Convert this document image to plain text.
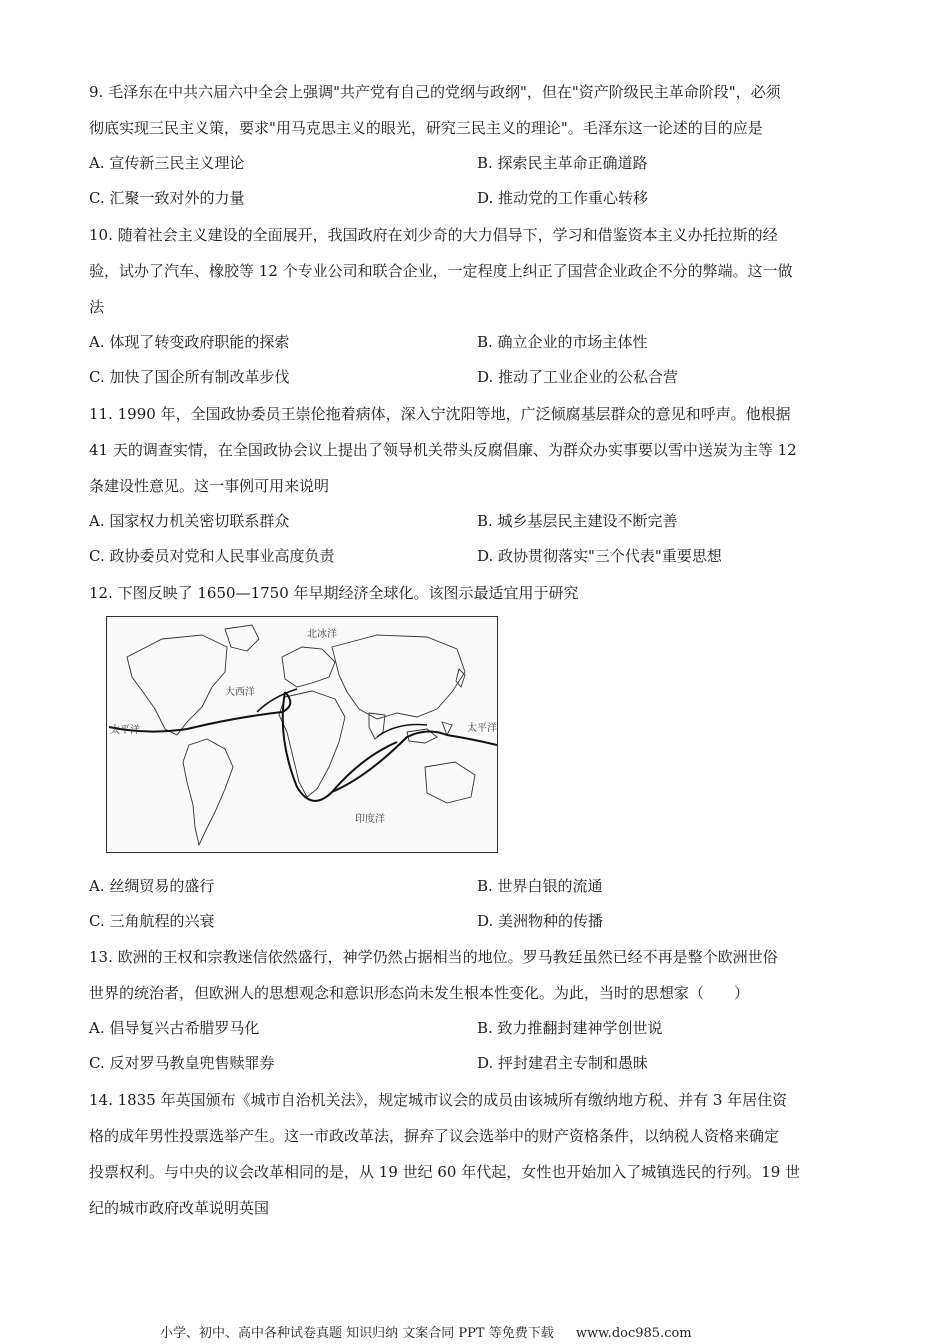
9. 毛泽东在中共六届六中全会上强调"共产党有自己的党纲与政纲"，但在"资产阶级民主革命阶段"，必须
彻底实现三民主义策，要求"用马克思主义的眼光，研究三民主义的理论"。毛泽东这一论述的目的应是
A. 宣传新三民主义理论	B. 探索民主革命正确道路
C. 汇聚一致对外的力量	D. 推动党的工作重心转移
10. 随着社会主义建设的全面展开，我国政府在刘少奇的大力倡导下，学习和借鉴资本主义办托拉斯的经
验，试办了汽车、橡胶等 12 个专业公司和联合企业，一定程度上纠正了国营企业政企不分的弊端。这一做
法
A. 体现了转变政府职能的探索	B. 确立企业的市场主体性
C. 加快了国企所有制改革步伐	D. 推动了工业企业的公私合营
11. 1990 年，全国政协委员王崇伦拖着病体，深入宁沈阳等地，广泛倾腐基层群众的意见和呼声。他根据
41 天的调查实情，在全国政协会议上提出了领导机关带头反腐倡廉、为群众办实事要以雪中送炭为主等 12
条建设性意见。这一事例可用来说明
A. 国家权力机关密切联系群众	B. 城乡基层民主建设不断完善
C. 政协委员对党和人民事业高度负责	D. 政协贯彻落实"三个代表"重要思想
12. 下图反映了 1650—1750 年早期经济全球化。该图示最适宜用于研究
北冰洋
大西洋
太平洋	太平洋
印度洋
A. 丝绸贸易的盛行	B. 世界白银的流通
C. 三角航程的兴衰	D. 美洲物种的传播
13. 欧洲的王权和宗教迷信依然盛行，神学仍然占据相当的地位。罗马教廷虽然已经不再是整个欧洲世俗
世界的统治者，但欧洲人的思想观念和意识形态尚未发生根本性变化。为此，当时的思想家（　　）
A. 倡导复兴古希腊罗马化	B. 致力推翻封建神学创世说
C. 反对罗马教皇兜售赎罪券	D. 抨封建君主专制和愚昧
14. 1835 年英国颁布《城市自治机关法》，规定城市议会的成员由该城所有缴纳地方税、并有 3 年居住资
格的成年男性投票选举产生。这一市政改革法，摒弃了议会选举中的财产资格条件，以纳税人资格来确定
投票权利。与中央的议会改革相同的是，从 19 世纪 60 年代起，女性也开始加入了城镇选民的行列。19 世
纪的城市政府改革说明英国
小学、初中、高中各种试卷真题 知识归纳 文案合同 PPT 等免费下载 www.doc985.com
